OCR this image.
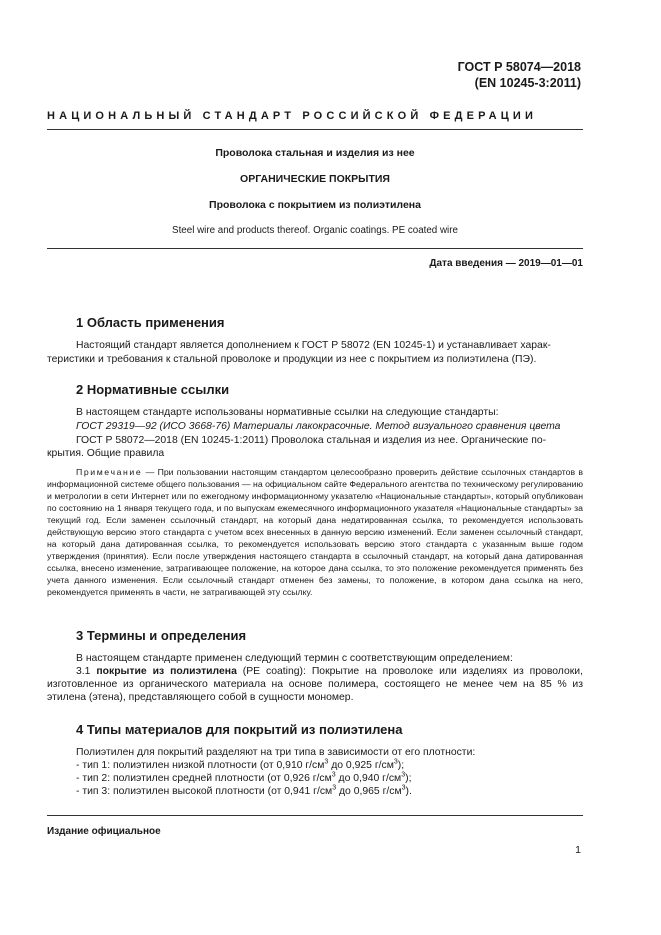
ГОСТ Р 58074—2018
(EN 10245-3:2011)
НАЦИОНАЛЬНЫЙ СТАНДАРТ РОССИЙСКОЙ ФЕДЕРАЦИИ
Проволока стальная и изделия из нее
ОРГАНИЧЕСКИЕ ПОКРЫТИЯ
Проволока с покрытием из полиэтилена
Steel wire and products thereof. Organic coatings. PE coated wire
Дата введения — 2019—01—01
1 Область применения
Настоящий стандарт является дополнением к ГОСТ Р 58072 (EN 10245-1) и устанавливает харак-
теристики и требования к стальной проволоке и продукции из нее с покрытием из полиэтилена (ПЭ).
2 Нормативные ссылки
В настоящем стандарте использованы нормативные ссылки на следующие стандарты:
ГОСТ 29319—92 (ИСО 3668-76) Материалы лакокрасочные. Метод визуального сравнения цвета
ГОСТ Р 58072—2018 (EN 10245-1:2011) Проволока стальная и изделия из нее. Органические по-
крытия. Общие правила
Примечание — При пользовании настоящим стандартом целесообразно проверить действие ссылочных стандартов в информационной системе общего пользования — на официальном сайте Федерального агентства по техническому регулированию и метрологии в сети Интернет или по ежегодному информационному указателю «Национальные стандарты», который опубликован по состоянию на 1 января текущего года, и по выпускам ежемесячного информационного указателя «Национальные стандарты» за текущий год. Если заменен ссылочный стандарт, на который дана недатированная ссылка, то рекомендуется использовать действующую версию этого стандарта с учетом всех внесенных в данную версию изменений. Если заменен ссылочный стандарт, на который дана датированная ссылка, то рекомендуется использовать версию этого стандарта с указанным выше годом утверждения (принятия). Если после утверждения настоящего стандарта в ссылочный стандарт, на который дана датированная ссылка, внесено изменение, затрагивающее положение, на которое дана ссылка, то это положение рекомендуется применять без учета данного изменения. Если ссылочный стандарт отменен без замены, то положение, в котором дана ссылка на него, рекомендуется применять в части, не затрагивающей эту ссылку.
3 Термины и определения
В настоящем стандарте применен следующий термин с соответствующим определением:
3.1 покрытие из полиэтилена (PE coating): Покрытие на проволоке или изделиях из проволоки, изготовленное из органического материала на основе полимера, состоящего не менее чем на 85 % из этилена (этена), представляющего собой в сущности мономер.
4 Типы материалов для покрытий из полиэтилена
Полиэтилен для покрытий разделяют на три типа в зависимости от его плотности:
- тип 1: полиэтилен низкой плотности (от 0,910 $г/см^3$ до 0,925 $г/см^3$);
- тип 2: полиэтилен средней плотности (от 0,926 $г/см^3$ до 0,940 $г/см^3$);
- тип 3: полиэтилен высокой плотности (от 0,941 $г/см^3$ до 0,965 $г/см^3$).
Издание официальное
1
